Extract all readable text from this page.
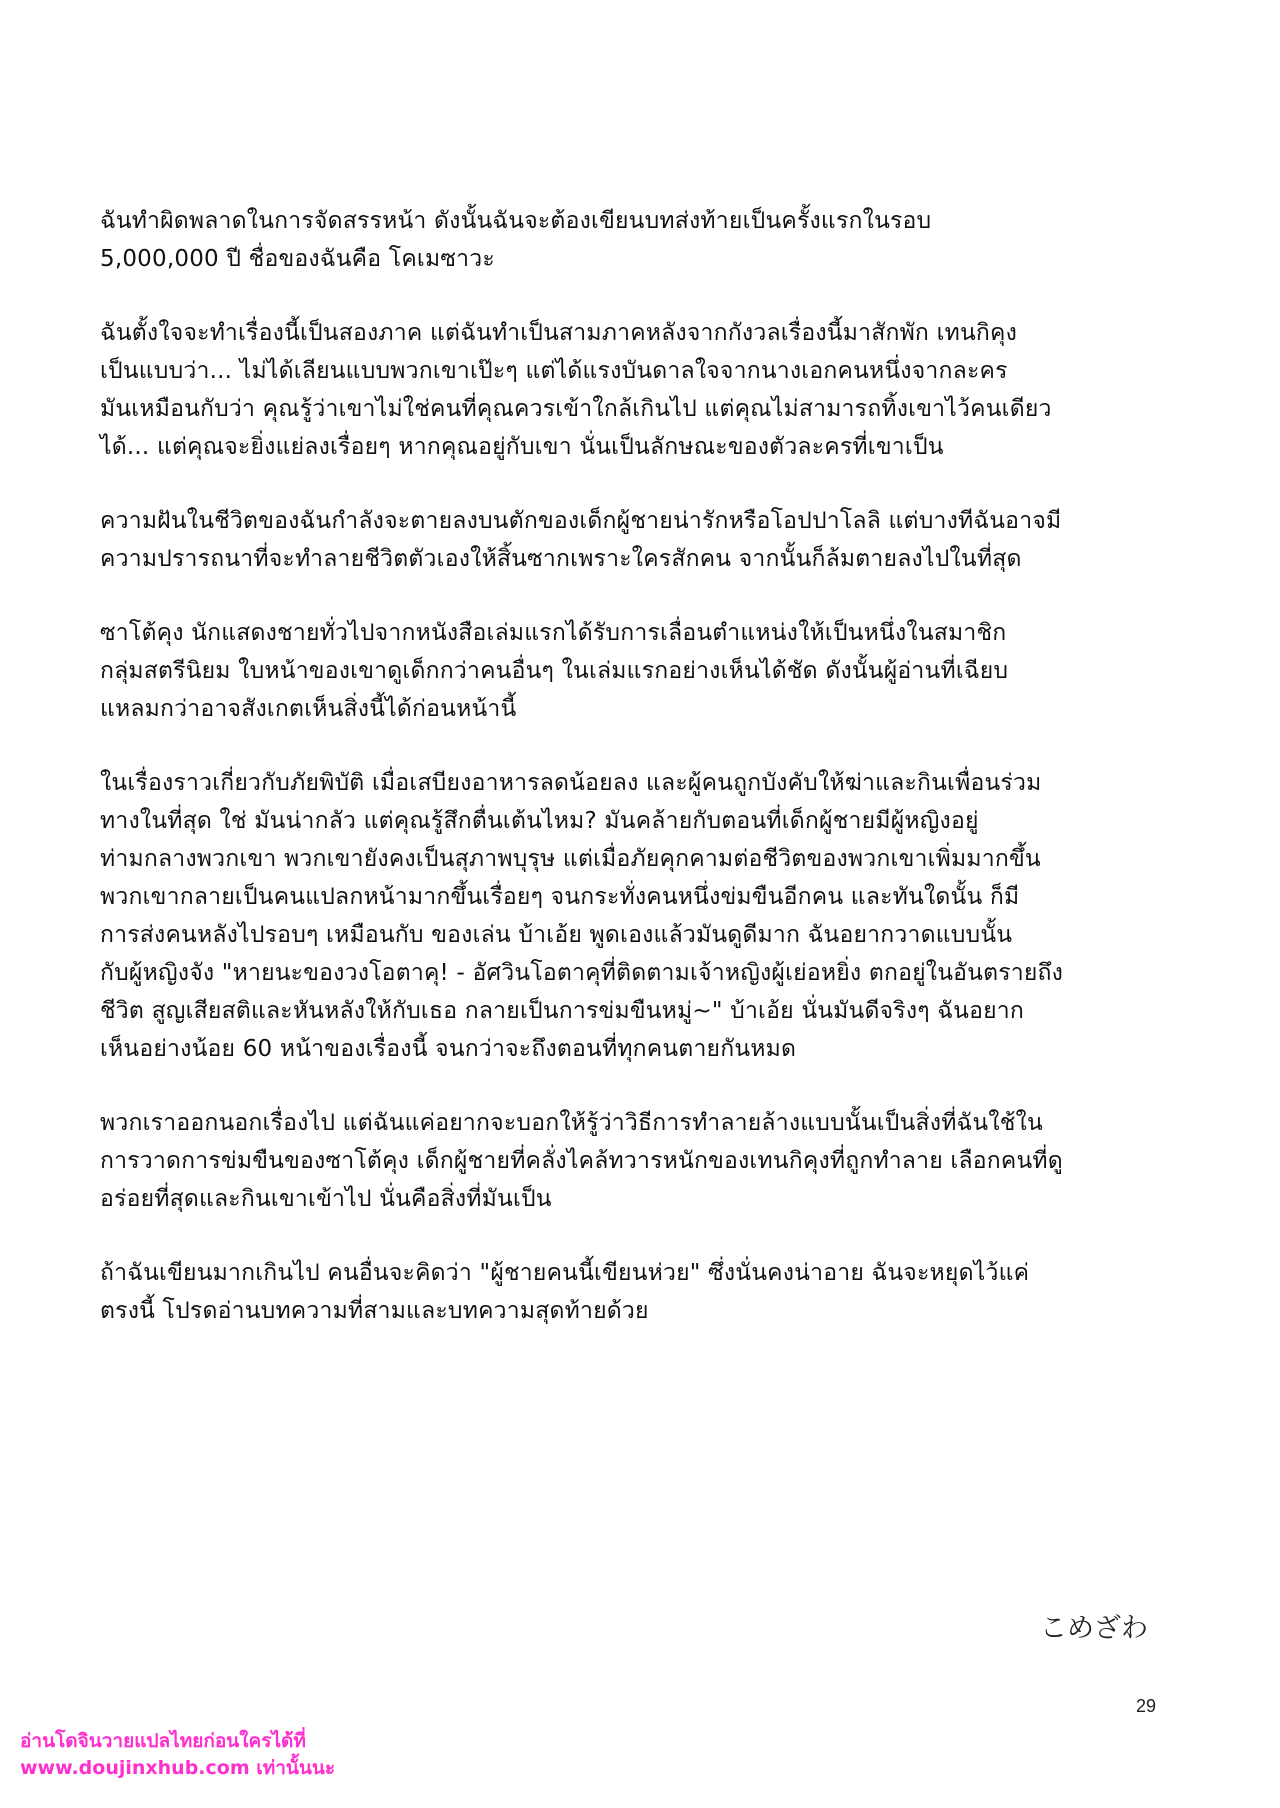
ฉันทำผิดพลาดในการจัดสรรหน้า ดังนั้นฉันจะต้องเขียนบทส่งท้ายเป็นครั้งแรกในรอบ
5,000,000 ปี ชื่อของฉันคือ โคเมซาวะ
ฉันตั้งใจจะทำเรื่องนี้เป็นสองภาค แต่ฉันทำเป็นสามภาคหลังจากกังวลเรื่องนี้มาสักพัก เทนกิคุง
เป็นแบบว่า... ไม่ได้เลียนแบบพวกเขาเป๊ะๆ แต่ได้แรงบันดาลใจจากนางเอกคนหนึ่งจากละคร
มันเหมือนกับว่า คุณรู้ว่าเขาไม่ใช่คนที่คุณควรเข้าใกล้เกินไป แต่คุณไม่สามารถทิ้งเขาไว้คนเดียว
ได้... แต่คุณจะยิ่งแย่ลงเรื่อยๆ หากคุณอยู่กับเขา นั่นเป็นลักษณะของตัวละครที่เขาเป็น
ความฝันในชีวิตของฉันกำลังจะตายลงบนตักของเด็กผู้ชายน่ารักหรือโอปปาโลลิ แต่บางทีฉันอาจมี
ความปรารถนาที่จะทำลายชีวิตตัวเองให้สิ้นซากเพราะใครสักคน จากนั้นก็ล้มตายลงไปในที่สุด
ซาโต้คุง นักแสดงชายทั่วไปจากหนังสือเล่มแรกได้รับการเลื่อนตำแหน่งให้เป็นหนึ่งในสมาชิก
กลุ่มสตรีนิยม ใบหน้าของเขาดูเด็กกว่าคนอื่นๆ ในเล่มแรกอย่างเห็นได้ชัด ดังนั้นผู้อ่านที่เฉียบ
แหลมกว่าอาจสังเกตเห็นสิ่งนี้ได้ก่อนหน้านี้
ในเรื่องราวเกี่ยวกับภัยพิบัติ เมื่อเสบียงอาหารลดน้อยลง และผู้คนถูกบังคับให้ฆ่าและกินเพื่อนร่วม
ทางในที่สุด ใช่ มันน่ากลัว แต่คุณรู้สึกตื่นเต้นไหม? มันคล้ายกับตอนที่เด็กผู้ชายมีผู้หญิงอยู่
ท่ามกลางพวกเขา พวกเขายังคงเป็นสุภาพบุรุษ แต่เมื่อภัยคุกคามต่อชีวิตของพวกเขาเพิ่มมากขึ้น
พวกเขากลายเป็นคนแปลกหน้ามากขึ้นเรื่อยๆ จนกระทั่งคนหนึ่งข่มขืนอีกคน และทันใดนั้น ก็มี
การส่งคนหลังไปรอบๆ เหมือนกับ ของเล่น บ้าเอ้ย พูดเองแล้วมันดูดีมาก ฉันอยากวาดแบบนั้น
กับผู้หญิงจัง "หายนะของวงโอตาคุ! - อัศวินโอตาคุที่ติดตามเจ้าหญิงผู้เย่อหยิ่ง ตกอยู่ในอันตรายถึง
ชีวิต สูญเสียสติและหันหลังให้กับเธอ กลายเป็นการข่มขืนหมู่~" บ้าเอ้ย นั่นมันดีจริงๆ ฉันอยาก
เห็นอย่างน้อย 60 หน้าของเรื่องนี้ จนกว่าจะถึงตอนที่ทุกคนตายกันหมด
พวกเราออกนอกเรื่องไป แต่ฉันแค่อยากจะบอกให้รู้ว่าวิธีการทำลายล้างแบบนั้นเป็นสิ่งที่ฉันใช้ใน
การวาดการข่มขืนของซาโต้คุง เด็กผู้ชายที่คลั่งไคล้ทวารหนักของเทนกิคุงที่ถูกทำลาย เลือกคนที่ดู
อร่อยที่สุดและกินเขาเข้าไป นั่นคือสิ่งที่มันเป็น
ถ้าฉันเขียนมากเกินไป คนอื่นจะคิดว่า "ผู้ชายคนนี้เขียนห่วย" ซึ่งนั่นคงน่าอาย ฉันจะหยุดไว้แค่
ตรงนี้ โปรดอ่านบทความที่สามและบทความสุดท้ายด้วย
こめざわ
29
อ่านโดจินวายแปลไทยก่อนใครได้ที่
www.doujinxhub.com เท่านั้นนะ
